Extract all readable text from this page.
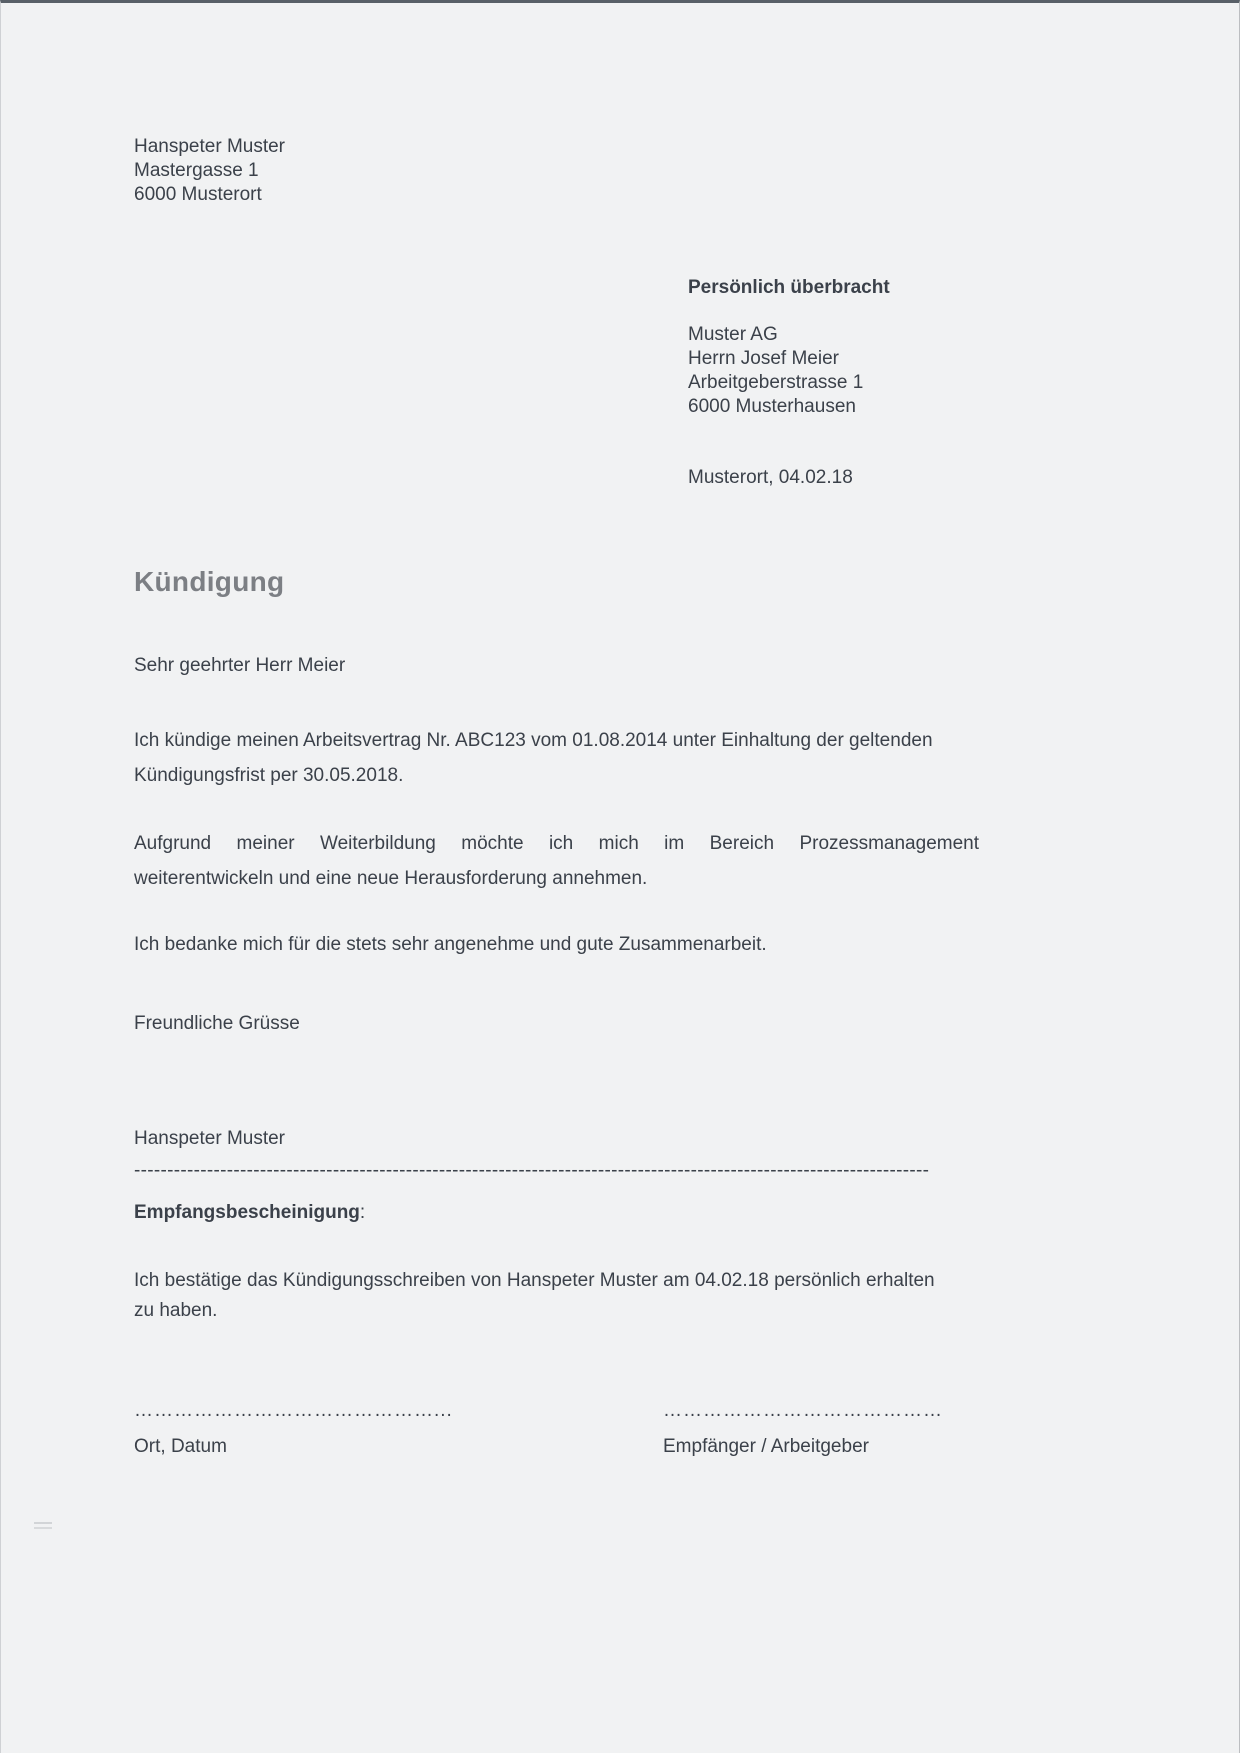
Hanspeter Muster
Mastergasse 1
6000 Musterort
Persönlich überbracht
Muster AG
Herrn Josef Meier
Arbeitgeberstrasse 1
6000 Musterhausen
Musterort, 04.02.18
Kündigung
Sehr geehrter Herr Meier
Ich kündige meinen Arbeitsvertrag Nr. ABC123 vom 01.08.2014 unter Einhaltung der geltenden
Kündigungsfrist per 30.05.2018.
Aufgrund meiner Weiterbildung möchte ich mich im Bereich Prozessmanagement
weiterentwickeln und eine neue Herausforderung annehmen.
Ich bedanke mich für die stets sehr angenehme und gute Zusammenarbeit.
Freundliche Grüsse
Hanspeter Muster
------------------------------------------------------------------------------------------------------------------------
Empfangsbescheinigung:
Ich bestätige das Kündigungsschreiben von Hanspeter Muster am 04.02.18 persönlich erhalten
zu haben.
………………………………………...	……………………………………
Ort, Datum	Empfänger / Arbeitgeber
